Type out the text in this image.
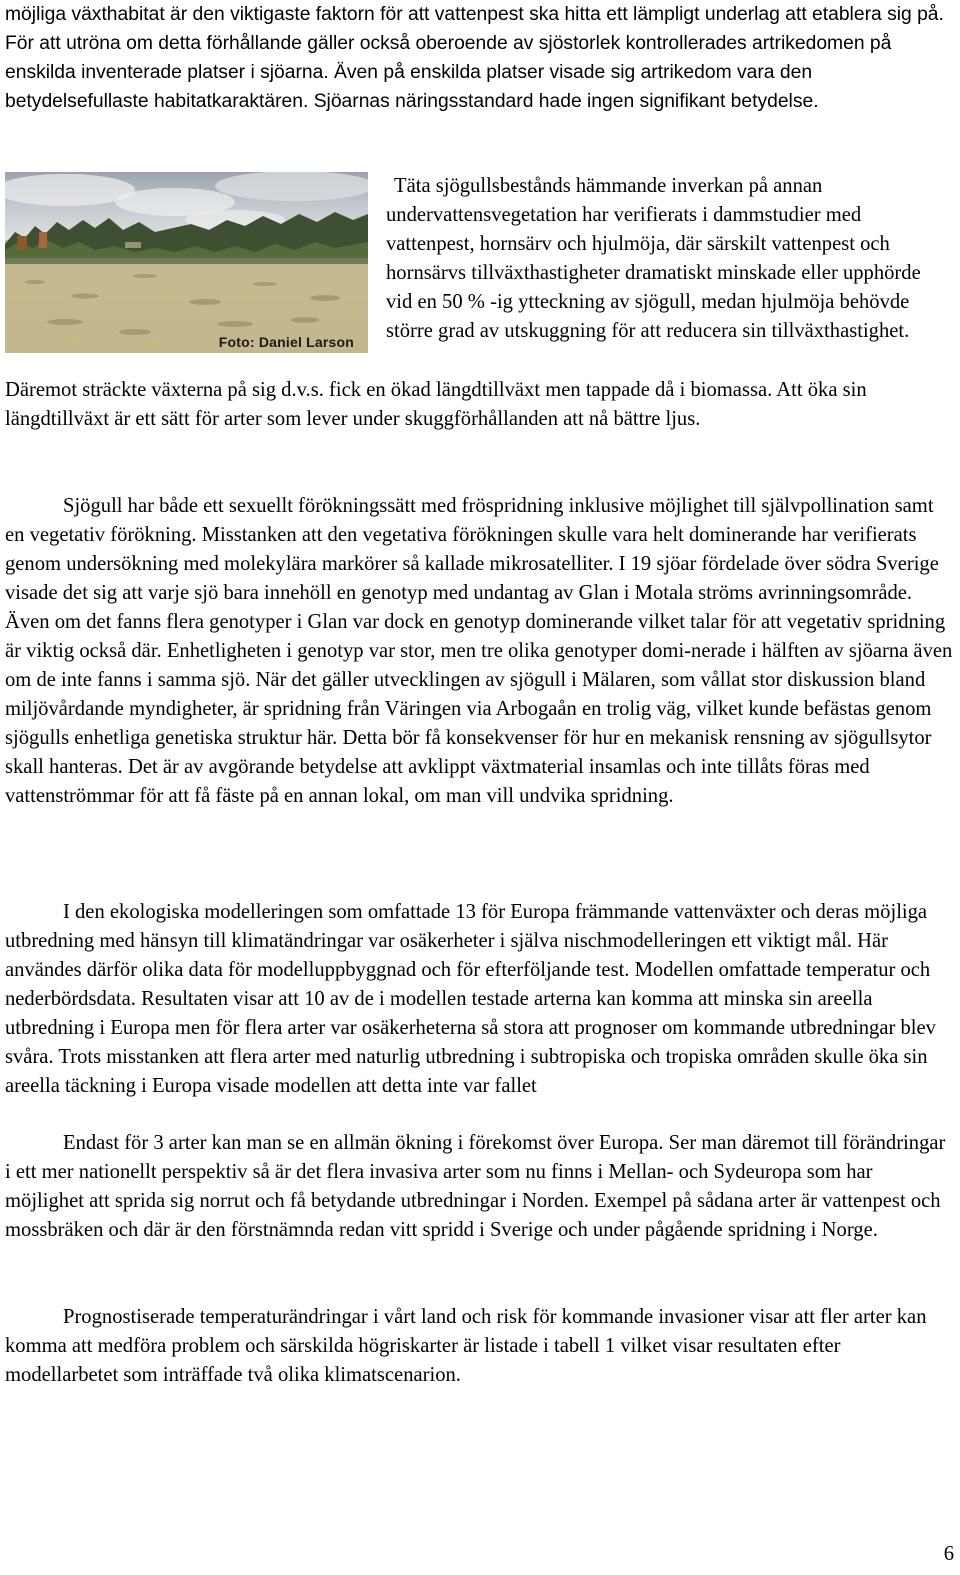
möjliga växthabitat är den viktigaste faktorn för att vattenpest ska hitta ett lämpligt underlag att etablera sig på. För att utröna om detta förhållande gäller också oberoende av sjöstorlek kontrollerades artrikedomen på enskilda inventerade platser i sjöarna. Även på enskilda platser visade sig artrikedom vara den betydelsefullaste habitatkaraktären. Sjöarnas näringsstandard hade ingen signifikant betydelse.

Foto: Daniel Larson

Täta sjögullsbestånds hämmande inverkan på annan undervattensvegetation har verifierats i dammstudier med vattenpest, hornsärv och hjulmöja, där särskilt vattenpest och hornsärvs tillväxthastigheter dramatiskt minskade eller upphörde vid en 50 % -ig ytteckning av sjögull, medan hjulmöja behövde större grad av utskuggning för att reducera sin tillväxthastighet.

Däremot sträckte växterna på sig d.v.s. fick en ökad längdtillväxt men tappade då i biomassa. Att öka sin längdtillväxt är ett sätt för arter som lever under skuggförhållanden att nå bättre ljus.

Sjögull har både ett sexuellt förökningssätt med fröspridning inklusive möjlighet till självpollination samt en vegetativ förökning. Misstanken att den vegetativa förökningen skulle vara helt dominerande har verifierats genom undersökning med molekylära markörer så kallade mikrosatelliter. I 19 sjöar fördelade över södra Sverige visade det sig att varje sjö bara innehöll en genotyp med undantag av Glan i Motala ströms avrinningsområde. Även om det fanns flera genotyper i Glan var dock en genotyp dominerande vilket talar för att vegetativ spridning är viktig också där. Enhetligheten i genotyp var stor, men tre olika genotyper domi-nerade i hälften av sjöarna även om de inte fanns i samma sjö. När det gäller utvecklingen av sjögull i Mälaren, som vållat stor diskussion bland miljövårdande myndigheter, är spridning från Väringen via Arbogaån en trolig väg, vilket kunde befästas genom sjögulls enhetliga genetiska struktur här. Detta bör få konsekvenser för hur en mekanisk rensning av sjögullsytor skall hanteras. Det är av avgörande betydelse att avklippt växtmaterial insamlas och inte tillåts föras med vattenströmmar för att få fäste på en annan lokal, om man vill undvika spridning.

I den ekologiska modelleringen som omfattade 13 för Europa främmande vattenväxter och deras möjliga utbredning med hänsyn till klimatändringar var osäkerheter i själva nischmodelleringen ett viktigt mål. Här användes därför olika data för modelluppbyggnad och för efterföljande test. Modellen omfattade temperatur och nederbördsdata. Resultaten visar att 10 av de i modellen testade arterna kan komma att minska sin areella utbredning i Europa men för flera arter var osäkerheterna så stora att prognoser om kommande utbredningar blev svåra. Trots misstanken att flera arter med naturlig utbredning i subtropiska och tropiska områden skulle öka sin areella täckning i Europa visade modellen att detta inte var fallet

Endast för 3 arter kan man se en allmän ökning i förekomst över Europa. Ser man däremot till förändringar i ett mer nationellt perspektiv så är det flera invasiva arter som nu finns i Mellan- och Sydeuropa som har möjlighet att sprida sig norrut och få betydande utbredningar i Norden. Exempel på sådana arter är vattenpest och mossbräken och där är den förstnämnda redan vitt spridd i Sverige och under pågående spridning i Norge.

Prognostiserade temperaturändringar i vårt land och risk för kommande invasioner visar att fler arter kan komma att medföra problem och särskilda högriskarter är listade i tabell 1 vilket visar resultaten efter modellarbetet som inträffade två olika klimatscenarion.

6
